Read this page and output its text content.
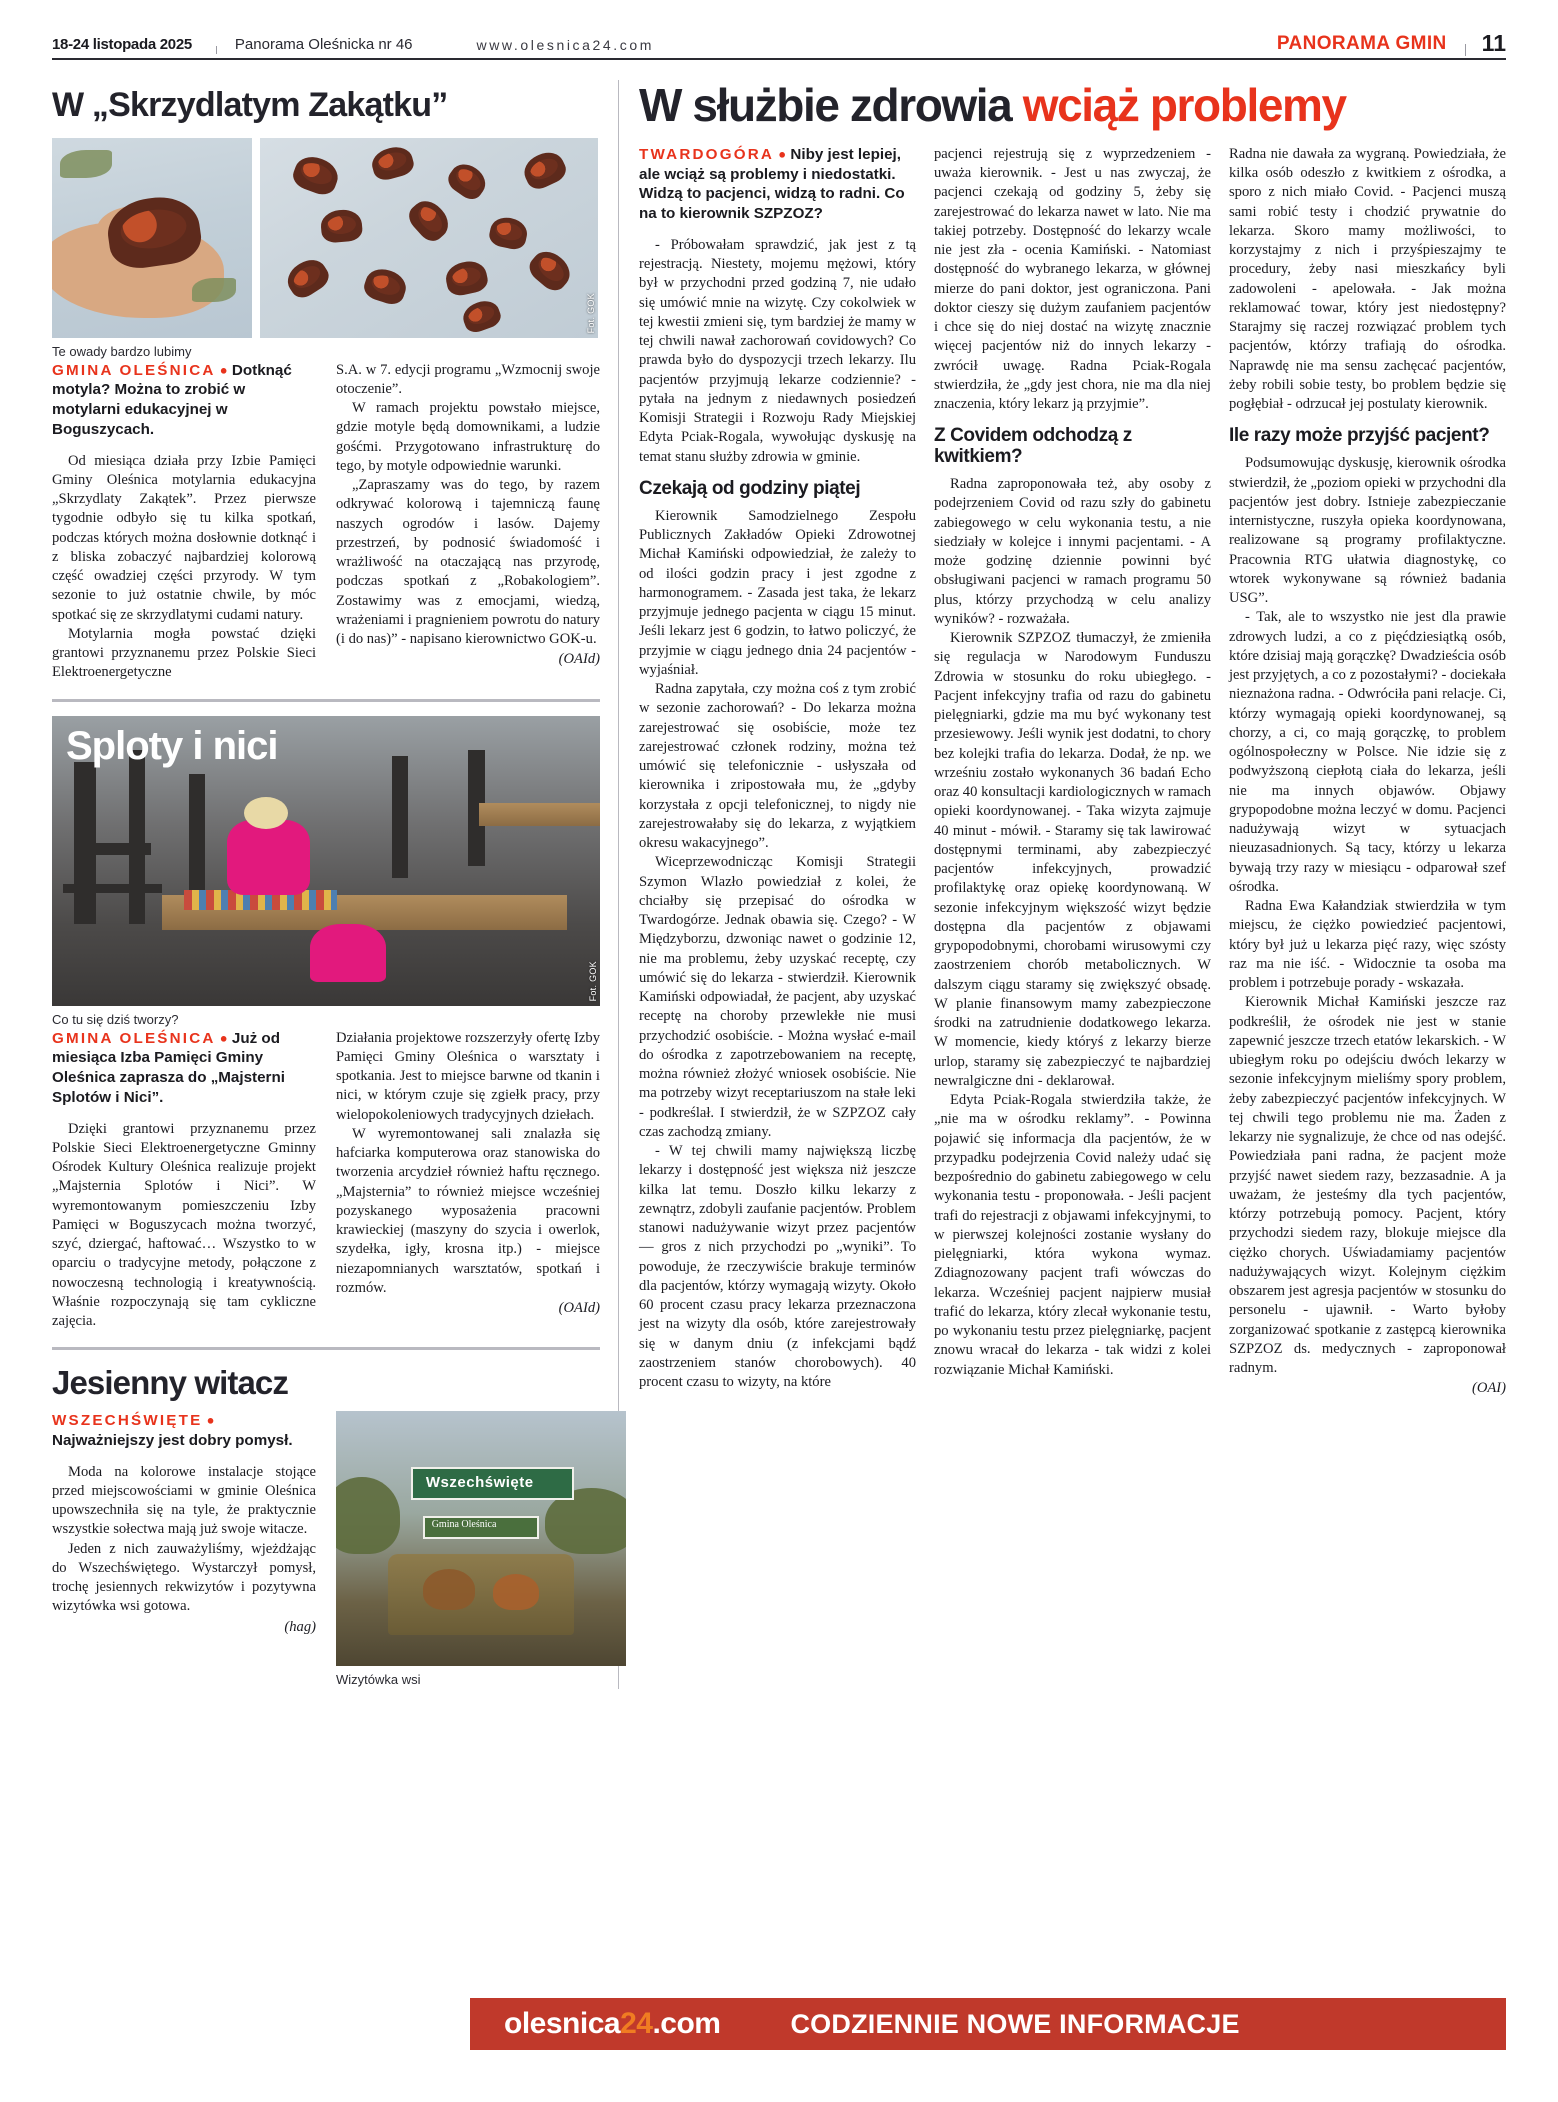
18-24 listopada 2025	Panorama Oleśnicka nr 46	www.olesnica24.com	PANORAMA GMIN 11
W „Skrzydlatym Zakątku”
Fot. GOK
Te owady bardzo lubimy
GMINA OLEŚNICA ● Dotknąć motyla? Można to zrobić w motylarni edukacyjnej w Boguszycach.

Od miesiąca działa przy Izbie Pamięci Gminy Oleśnica motylarnia edukacyjna „Skrzydlaty Zakątek”. Przez pierwsze tygodnie odbyło się tu kilka spotkań, podczas których można dosłownie dotknąć i z bliska zobaczyć najbardziej kolorową część owadziej części przyrody. W tym sezonie to już ostatnie chwile, by móc spotkać się ze skrzydlatymi cudami natury.

Motylarnia mogła powstać dzięki grantowi przyznanemu przez Polskie Sieci Elektroenergetyczne

S.A. w 7. edycji programu „Wzmocnij swoje otoczenie”.

W ramach projektu powstało miejsce, gdzie motyle będą domownikami, a ludzie gośćmi. Przygotowano infrastrukturę do tego, by motyle odpowiednie warunki.

„Zapraszamy was do tego, by razem odkrywać kolorową i tajemniczą faunę naszych ogrodów i lasów. Dajemy przestrzeń, by podnosić świadomość i wrażliwość na otaczającą nas przyrodę, podczas spotkań z „Robakologiem”. Zostawimy was z emocjami, wiedzą, wrażeniami i pragnieniem powrotu do natury (i do nas)” - napisano kierownictwo GOK-u.

(OAId)
Sploty i nici
Fot. GOK
Co tu się dziś tworzy?
GMINA OLEŚNICA ● Już od miesiąca Izba Pamięci Gminy Oleśnica zaprasza do „Majsterni Splotów i Nici”.

Dzięki grantowi przyznanemu przez Polskie Sieci Elektroenergetyczne Gminny Ośrodek Kultury Oleśnica realizuje projekt „Majsternia Splotów i Nici”. W wyremontowanym pomieszczeniu Izby Pamięci w Boguszycach można tworzyć, szyć, dziergać, haftować… Wszystko to w oparciu o tradycyjne metody, połączone z nowoczesną technologią i kreatywnością. Właśnie rozpoczynają się tam cykliczne zajęcia.

Działania projektowe rozszerzyły ofertę Izby Pamięci Gminy Oleśnica o warsztaty i spotkania. Jest to miejsce barwne od tkanin i nici, w którym czuje się zgiełk pracy, przy wielopokoleniowych tradycyjnych dziełach.

W wyremontowanej sali znalazła się hafciarka komputerowa oraz stanowiska do tworzenia arcydzieł również haftu ręcznego. „Majsternia” to również miejsce wcześniej pozyskanego wyposażenia pracowni krawieckiej (maszyny do szycia i owerlok, szydełka, igły, krosna itp.) - miejsce niezapomnianych warsztatów, spotkań i rozmów.

(OAId)
Jesienny witacz
WSZECHŚWIĘTE ● Najważniejszy jest dobry pomysł.

Moda na kolorowe instalacje stojące przed miejscowościami w gminie Oleśnica upowszechniła się na tyle, że praktycznie wszystkie sołectwa mają już swoje witacze.

Jeden z nich zauważyliśmy, wjeżdżając do Wszechświętego. Wystarczył pomysł, trochę jesiennych rekwizytów i pozytywna wizytówka wsi gotowa.

(hag)
Wszechświęte
Gmina Oleśnica
Wizytówka wsi
W służbie zdrowia wciąż problemy
TWARDOGÓRA ● Niby jest lepiej, ale wciąż są problemy i niedostatki. Widzą to pacjenci, widzą to radni. Co na to kierownik SZPZOZ?

- Próbowałam sprawdzić, jak jest z tą rejestracją. Niestety, mojemu mężowi, który był w przychodni przed godziną 7, nie udało się umówić mnie na wizytę. Czy cokolwiek w tej kwestii zmieni się, tym bardziej że mamy w tej chwili nawał zachorowań covidowych? Co prawda było do dyspozycji trzech lekarzy. Ilu pacjentów przyjmują lekarze codziennie? - pytała na jednym z niedawnych posiedzeń Komisji Strategii i Rozwoju Rady Miejskiej Edyta Pciak-Rogala, wywołując dyskusję na temat stanu służby zdrowia w gminie.

Czekają od godziny piątej

Kierownik Samodzielnego Zespołu Publicznych Zakładów Opieki Zdrowotnej Michał Kamiński odpowiedział, że zależy to od ilości godzin pracy i jest zgodne z harmonogramem. - Zasada jest taka, że lekarz przyjmuje jednego pacjenta w ciągu 15 minut. Jeśli lekarz jest 6 godzin, to łatwo policzyć, że przyjmie w ciągu jednego dnia 24 pacjentów - wyjaśniał.

Radna zapytała, czy można coś z tym zrobić w sezonie zachorowań? - Do lekarza można zarejestrować się osobiście, może tez zarejestrować członek rodziny, można też umówić się telefonicznie - usłyszała od kierownika i zripostowała mu, że „gdyby korzystała z opcji telefonicznej, to nigdy nie zarejestrowałaby się do lekarza, z wyjątkiem okresu wakacyjnego”.

Wiceprzewodnicząc Komisji Strategii Szymon Wlazło powiedział z kolei, że chciałby się przepisać do ośrodka w Twardogórze. Jednak obawia się. Czego? - W Międzyborzu, dzwoniąc nawet o godzinie 12, nie ma problemu, żeby uzyskać receptę, czy umówić się do lekarza - stwierdził. Kierownik Kamiński odpowiadał, że pacjent, aby uzyskać receptę na choroby przewlekłe nie musi przychodzić osobiście. - Można wysłać e-mail do ośrodka z zapotrzebowaniem na receptę, można również złożyć wniosek osobiście. Nie ma potrzeby wizyt receptariuszom na stałe leki - podkreślał. I stwierdził, że w SZPZOZ cały czas zachodzą zmiany.

- W tej chwili mamy największą liczbę lekarzy i dostępność jest większa niż jeszcze kilka lat temu. Doszło kilku lekarzy z zewnątrz, zdobyli zaufanie pacjentów. Problem stanowi nadużywanie wizyt przez pacjentów — gros z nich przychodzi po „wyniki”. To powoduje, że rzeczywiście brakuje terminów dla pacjentów, którzy wymagają wizyty. Około 60 procent czasu pracy lekarza przeznaczona jest na wizyty dla osób, które zarejestrowały się w danym dniu (z infekcjami bądź zaostrzeniem stanów chorobowych). 40 procent czasu to wizyty, na które

pacjenci rejestrują się z wyprzedzeniem - uważa kierownik. - Jest u nas zwyczaj, że pacjenci czekają od godziny 5, żeby się zarejestrować do lekarza nawet w lato. Nie ma takiej potrzeby. Dostępność do lekarzy wcale nie jest zła - ocenia Kamiński. - Natomiast dostępność do wybranego lekarza, w głównej mierze do pani doktor, jest ograniczona. Pani doktor cieszy się dużym zaufaniem pacjentów i chce się do niej dostać na wizytę znacznie więcej pacjentów niż do innych lekarzy - zwrócił uwagę. Radna Pciak-Rogala stwierdziła, że „gdy jest chora, nie ma dla niej znaczenia, który lekarz ją przyjmie”.

Z Covidem odchodzą z kwitkiem?

Radna zaproponowała też, aby osoby z podejrzeniem Covid od razu szły do gabinetu zabiegowego w celu wykonania testu, a nie siedziały w kolejce i innymi pacjentami. - A może godzinę dziennie powinni być obsługiwani pacjenci w ramach programu 50 plus, którzy przychodzą w celu analizy wyników? - rozważała.

Kierownik SZPZOZ tłumaczył, że zmieniła się regulacja w Narodowym Funduszu Zdrowia w stosunku do roku ubiegłego. - Pacjent infekcyjny trafia od razu do gabinetu pielęgniarki, gdzie ma mu być wykonany test przesiewowy. Jeśli wynik jest dodatni, to chory bez kolejki trafia do lekarza. Dodał, że np. we wrześniu zostało wykonanych 36 badań Echo oraz 40 konsultacji kardiologicznych w ramach opieki koordynowanej. - Taka wizyta zajmuje 40 minut - mówił. - Staramy się tak lawirować dostępnymi terminami, aby zabezpieczyć pacjentów infekcyjnych, prowadzić profilaktykę oraz opiekę koordynowaną. W sezonie infekcyjnym większość wizyt będzie dostępna dla pacjentów z objawami grypopodobnymi, chorobami wirusowymi czy zaostrzeniem chorób metabolicznych. W dalszym ciągu staramy się zwiększyć obsadę. W planie finansowym mamy zabezpieczone środki na zatrudnienie dodatkowego lekarza. W momencie, kiedy któryś z lekarzy bierze urlop, staramy się zabezpieczyć te najbardziej newralgiczne dni - deklarował.

Edyta Pciak-Rogala stwierdziła także, że „nie ma w ośrodku reklamy”. - Powinna pojawić się informacja dla pacjentów, że w przypadku podejrzenia Covid należy udać się bezpośrednio do gabinetu zabiegowego w celu wykonania testu - proponowała. - Jeśli pacjent trafi do rejestracji z objawami infekcyjnymi, to w pierwszej kolejności zostanie wysłany do pielęgniarki, która wykona wymaz. Zdiagnozowany pacjent trafi wówczas do lekarza. Wcześniej pacjent najpierw musiał trafić do lekarza, który zlecał wykonanie testu, po wykonaniu testu przez pielęgniarkę, pacjent znowu wracał do lekarza - tak widzi z kolei rozwiązanie Michał Kamiński.

Radna nie dawała za wygraną. Powiedziała, że kilka osób odeszło z kwitkiem z ośrodka, a sporo z nich miało Covid. - Pacjenci muszą sami robić testy i chodzić prywatnie do lekarza. Skoro mamy możliwości, to korzystajmy z nich i przyśpieszajmy te procedury, żeby nasi mieszkańcy byli zadowoleni - apelowała. - Jak można reklamować towar, który jest niedostępny? Starajmy się raczej rozwiązać problem tych pacjentów, którzy trafiają do ośrodka. Naprawdę nie ma sensu zachęcać pacjentów, żeby robili sobie testy, bo problem będzie się pogłębiał - odrzucał jej postulaty kierownik.

Ile razy może przyjść pacjent?

Podsumowując dyskusję, kierownik ośrodka stwierdził, że „poziom opieki w przychodni dla pacjentów jest dobry. Istnieje zabezpieczanie internistyczne, ruszyła opieka koordynowana, realizowane są programy profilaktyczne. Pracownia RTG ułatwia diagnostykę, co wtorek wykonywane są również badania USG”.

- Tak, ale to wszystko nie jest dla prawie zdrowych ludzi, a co z pięćdziesiątką osób, które dzisiaj mają gorączkę? Dwadzieścia osób jest przyjętych, a co z pozostałymi? - dociekała nieznażona radna. - Odwróciła pani relacje. Ci, którzy wymagają opieki koordynowanej, są chorzy, a ci, co mają gorączkę, to problem ogólnospołeczny w Polsce. Nie idzie się z podwyższoną ciepłotą ciała do lekarza, jeśli nie ma innych objawów. Objawy grypopodobne można leczyć w domu. Pacjenci nadużywają wizyt w sytuacjach nieuzasadnionych. Są tacy, którzy u lekarza bywają trzy razy w miesiącu - odparował szef ośrodka.

Radna Ewa Kałandziak stwierdziła w tym miejscu, że ciężko powiedzieć pacjentowi, który był już u lekarza pięć razy, więc szósty raz ma nie iść. - Widocznie ta osoba ma problem i potrzebuje porady - wskazała.

Kierownik Michał Kamiński jeszcze raz podkreślił, że ośrodek nie jest w stanie zapewnić jeszcze trzech etatów lekarskich. - W ubiegłym roku po odejściu dwóch lekarzy w sezonie infekcyjnym mieliśmy spory problem, żeby zabezpieczyć pacjentów infekcyjnych. W tej chwili tego problemu nie ma. Żaden z lekarzy nie sygnalizuje, że chce od nas odejść. Powiedziała pani radna, że pacjent może przyjść nawet siedem razy, bezzasadnie. A ja uważam, że jesteśmy dla tych pacjentów, którzy potrzebują pomocy. Pacjent, który przychodzi siedem razy, blokuje miejsce dla ciężko chorych. Uświadamiamy pacjentów nadużywających wizyt. Kolejnym ciężkim obszarem jest agresja pacjentów w stosunku do personelu - ujawnił. - Warto byłoby zorganizować spotkanie z zastępcą kierownika SZPZOZ ds. medycznych - zaproponował radnym.

(OAI)
olesnica24.com	CODZIENNIE NOWE INFORMACJE
